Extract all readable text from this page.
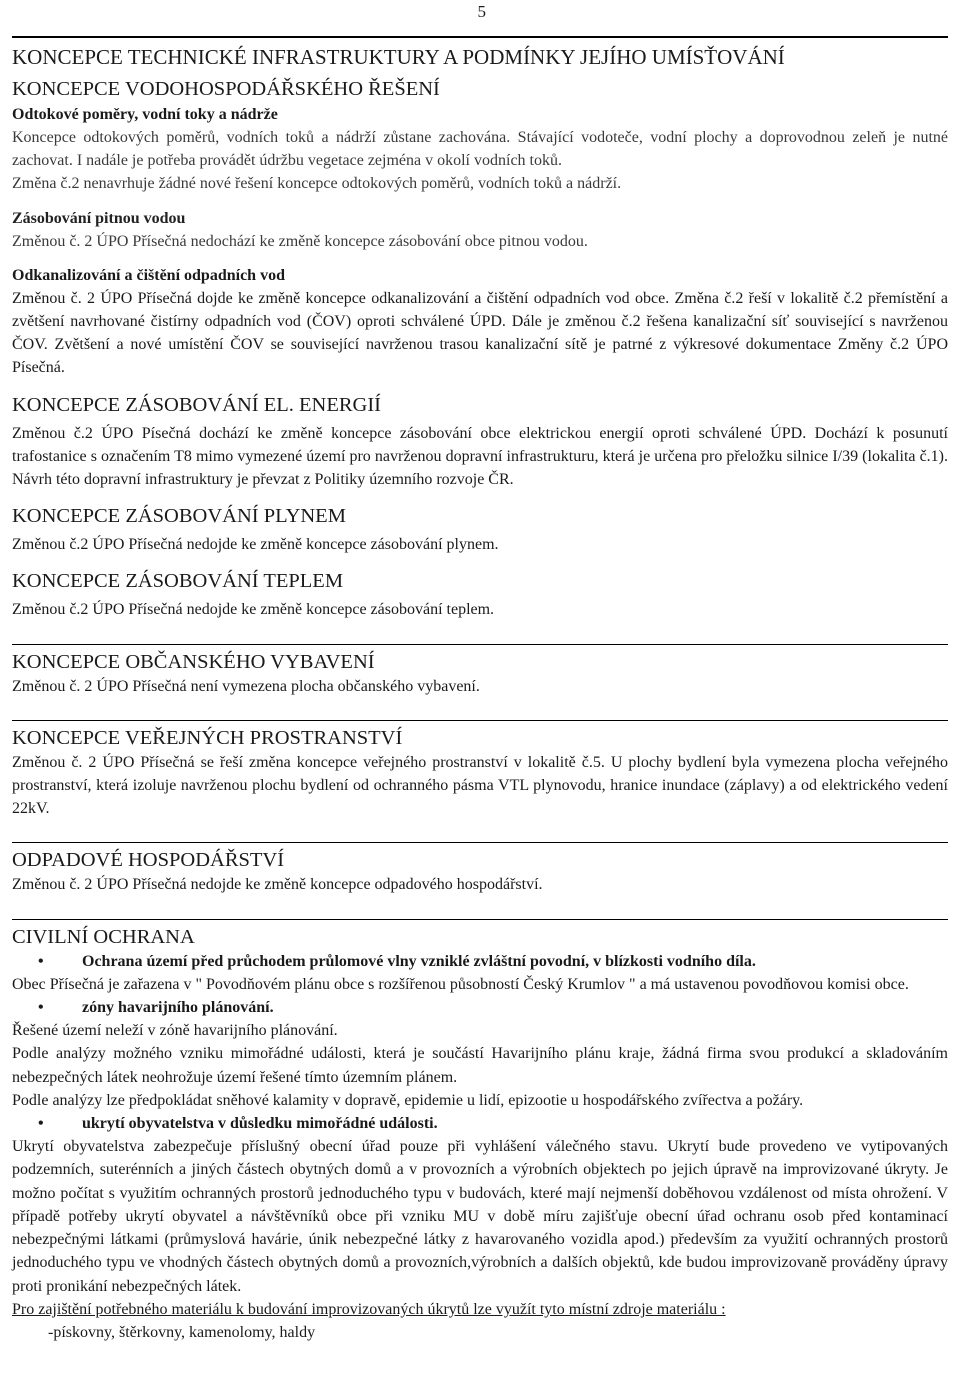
5

KONCEPCE TECHNICKÉ INFRASTRUKTURY A PODMÍNKY JEJÍHO UMÍSŤOVÁNÍ

KONCEPCE VODOHOSPODÁŘSKÉHO ŘEŠENÍ

Odtokové poměry, vodní toky a nádrže

Koncepce odtokových poměrů, vodních toků a nádrží zůstane zachována. Stávající vodoteče, vodní plochy a doprovodnou zeleň je nutné zachovat. I nadále je potřeba provádět údržbu vegetace zejména v okolí vodních toků.

Změna č.2 nenavrhuje žádné nové řešení koncepce odtokových poměrů, vodních toků a nádrží.

Zásobování pitnou vodou

Změnou č. 2 ÚPO Přísečná nedochází ke změně koncepce zásobování obce pitnou vodou.

Odkanalizování a čištění odpadních vod

Změnou č. 2 ÚPO Přísečná dojde ke změně koncepce odkanalizování a čištění odpadních vod obce. Změna č.2 řeší v lokalitě č.2 přemístění a zvětšení navrhované čistírny odpadních vod (ČOV) oproti schválené ÚPD. Dále je změnou č.2 řešena kanalizační síť související s navrženou ČOV. Zvětšení a nové umístění ČOV se související navrženou trasou kanalizační sítě je patrné z výkresové dokumentace Změny č.2 ÚPO Písečná.

KONCEPCE ZÁSOBOVÁNÍ EL. ENERGIÍ

Změnou č.2 ÚPO Písečná dochází ke změně koncepce zásobování obce elektrickou energií oproti schválené ÚPD. Dochází k posunutí trafostanice s označením T8 mimo vymezené území pro navrženou dopravní infrastrukturu, která je určena pro přeložku silnice I/39 (lokalita č.1). Návrh této dopravní infrastruktury je převzat z Politiky územního rozvoje ČR.

KONCEPCE ZÁSOBOVÁNÍ PLYNEM

Změnou č.2 ÚPO Přísečná nedojde ke změně koncepce zásobování plynem.

KONCEPCE ZÁSOBOVÁNÍ TEPLEM

Změnou č.2 ÚPO Přísečná nedojde ke změně koncepce zásobování teplem.

KONCEPCE OBČANSKÉHO VYBAVENÍ

Změnou č. 2 ÚPO Přísečná není vymezena plocha občanského vybavení.

KONCEPCE VEŘEJNÝCH PROSTRANSTVÍ

Změnou č. 2 ÚPO Přísečná se řeší změna koncepce veřejného prostranství v lokalitě č.5. U plochy bydlení byla vymezena plocha veřejného prostranství, která izoluje navrženou plochu bydlení od ochranného pásma VTL plynovodu, hranice inundace (záplavy) a od elektrického vedení 22kV.

ODPADOVÉ HOSPODÁŘSTVÍ

Změnou č. 2 ÚPO Přísečná nedojde ke změně koncepce odpadového hospodářství.

CIVILNÍ OCHRANA

• Ochrana území před průchodem průlomové vlny vzniklé zvláštní povodní, v blízkosti vodního díla.

Obec Přísečná je zařazena v " Povodňovém plánu obce s rozšířenou působností Český Krumlov " a má ustavenou povodňovou komisi obce.

• zóny havarijního plánování.

Řešené území neleží v zóně havarijního plánování.

Podle analýzy možného vzniku mimořádné události, která je součástí Havarijního plánu kraje, žádná firma svou produkcí a skladováním nebezpečných látek neohrožuje území řešené tímto územním plánem.

Podle analýzy lze předpokládat sněhové kalamity v dopravě, epidemie u lidí, epizootie u hospodářského zvířectva a požáry.

• ukrytí obyvatelstva v důsledku mimořádné události.

Ukrytí obyvatelstva zabezpečuje příslušný obecní úřad pouze při vyhlášení válečného stavu. Ukrytí bude provedeno ve vytipovaných podzemních, suterénních a jiných částech obytných domů a v provozních a výrobních objektech po jejich úpravě na improvizované úkryty. Je možno počítat s využitím ochranných prostorů jednoduchého typu v budovách, které mají nejmenší doběhovou vzdálenost od místa ohrožení. V případě potřeby ukrytí obyvatel a návštěvníků obce při vzniku MU v době míru zajišťuje obecní úřad ochranu osob před kontaminací nebezpečnými látkami (průmyslová havárie, únik nebezpečné látky z havarovaného vozidla apod.) především za využití ochranných prostorů jednoduchého typu ve vhodných částech obytných domů a provozních,výrobních a dalších objektů, kde budou improvizovaně prováděny úpravy proti pronikání nebezpečných látek.

Pro zajištění potřebného materiálu k budování improvizovaných úkrytů lze využít tyto místní zdroje materiálu :

-pískovny, štěrkovny, kamenolomy, haldy
